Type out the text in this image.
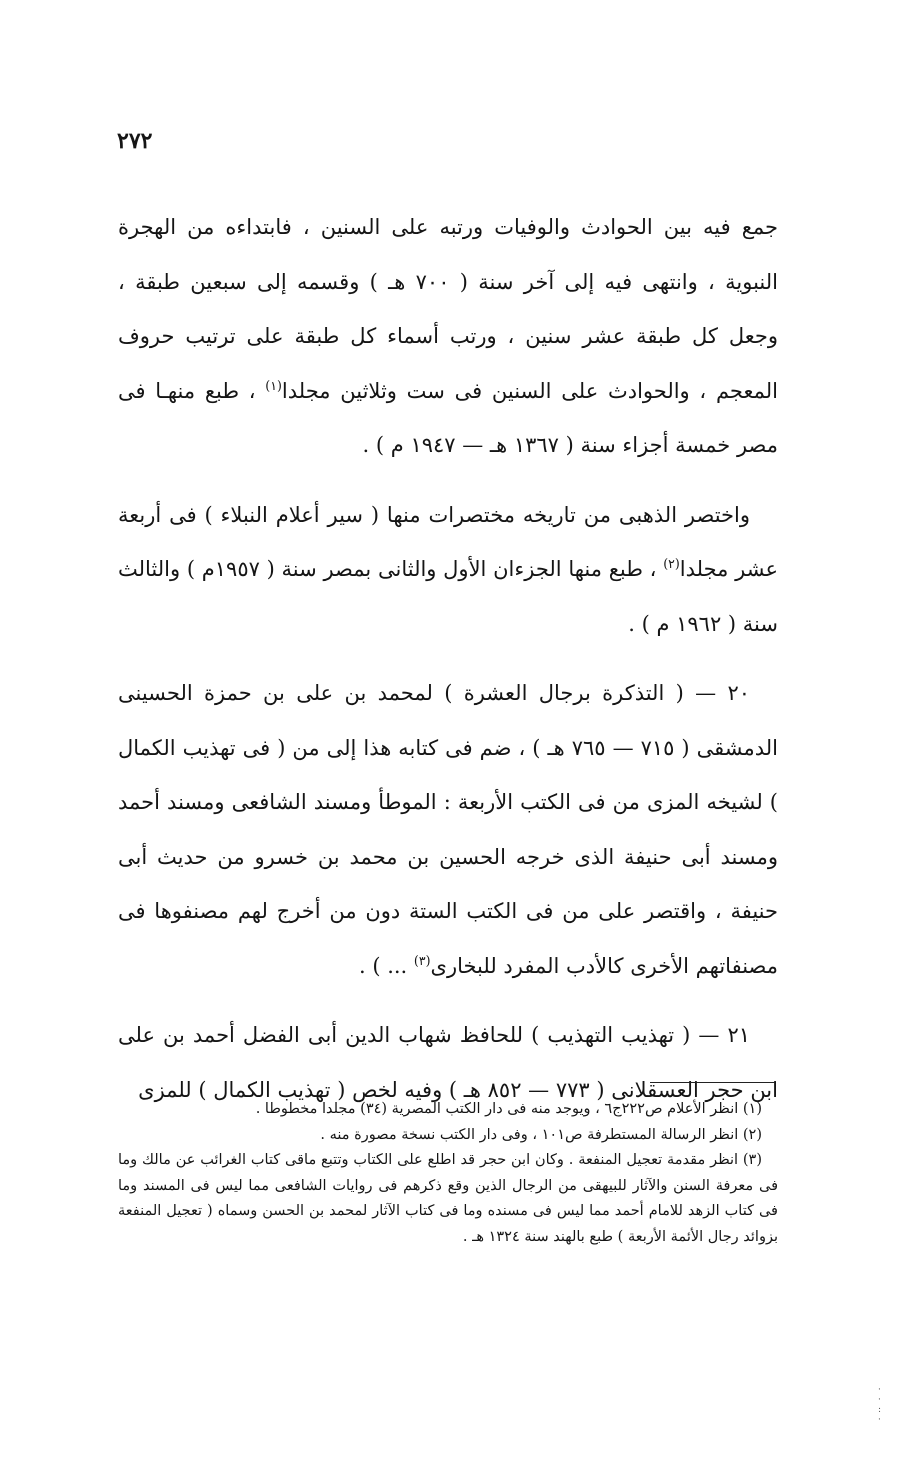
٢٧٢

جمع فيه بين الحوادث والوفيات ورتبه على السنين ، فابتداءه من الهجرة النبوية ، وانتهى فيه إلى آخر سنة ( ٧٠٠ هـ ) وقسمه إلى سبعين طبقة ، وجعل كل طبقة عشر سنين ، ورتب أسماء كل طبقة على ترتيب حروف المعجم ، والحوادث على السنين فى ست وثلاثين مجلدا$^{(١)}$ ، طبع منهـا فى مصر خمسة أجزاء سنة ( ١٣٦٧ هـ — ١٩٤٧ م ) .

واختصر الذهبى من تاريخه مختصرات منها ( سير أعلام النبلاء ) فى أربعة عشر مجلدا$^{(٢)}$ ، طبع منها الجزءان الأول والثانى بمصر سنة ( ١٩٥٧م ) والثالث سنة ( ١٩٦٢ م ) .

٢٠ — ( التذكرة برجال العشرة ) لمحمد بن على بن حمزة الحسينى الدمشقى ( ٧١٥ — ٧٦٥ هـ ) ، ضم فى كتابه هذا إلى من ( فى تهذيب الكمال ) لشيخه المزى من فى الكتب الأربعة : الموطأ ومسند الشافعى ومسند أحمد ومسند أبى حنيفة الذى خرجه الحسين بن محمد بن خسرو من حديث أبى حنيفة ، واقتصر على من فى الكتب الستة دون من أخرج لهم مصنفوها فى مصنفاتهم الأخرى كالأدب المفرد للبخارى$^{(٣)}$ ... ) .

٢١ — ( تهذيب التهذيب ) للحافظ شهاب الدين أبى الفضل أحمد بن على ابن حجر العسقلانى ( ٧٧٣ — ٨٥٢ هـ ) وفيه لخص ( تهذيب الكمال ) للمزى

(١) انظر الأعلام ص٢٢٢ج٦ ، ويوجد منه فى دار الكتب المصرية (٣٤) مجلدا مخطوطا .

(٢) انظر الرسالة المستطرفة ص١٠١ ، وفى دار الكتب نسخة مصورة منه .

(٣) انظر مقدمة تعجيل المنفعة . وكان ابن حجر قد اطلع على الكتاب وتتبع ماقى كتاب الغرائب عن مالك وما فى معرفة السنن والآثار للبيهقى من الرجال الذين وقع ذكرهم فى روايات الشافعى مما ليس فى المسند وما فى كتاب الزهد للامام أحمد مما ليس فى مسنده وما فى كتاب الآثار لمحمد بن الحسن وسماه ( تعجيل المنفعة بزوائد رجال الأئمة الأربعة ) طبع بالهند سنة ١٣٢٤ هـ .

·
·
:
·
